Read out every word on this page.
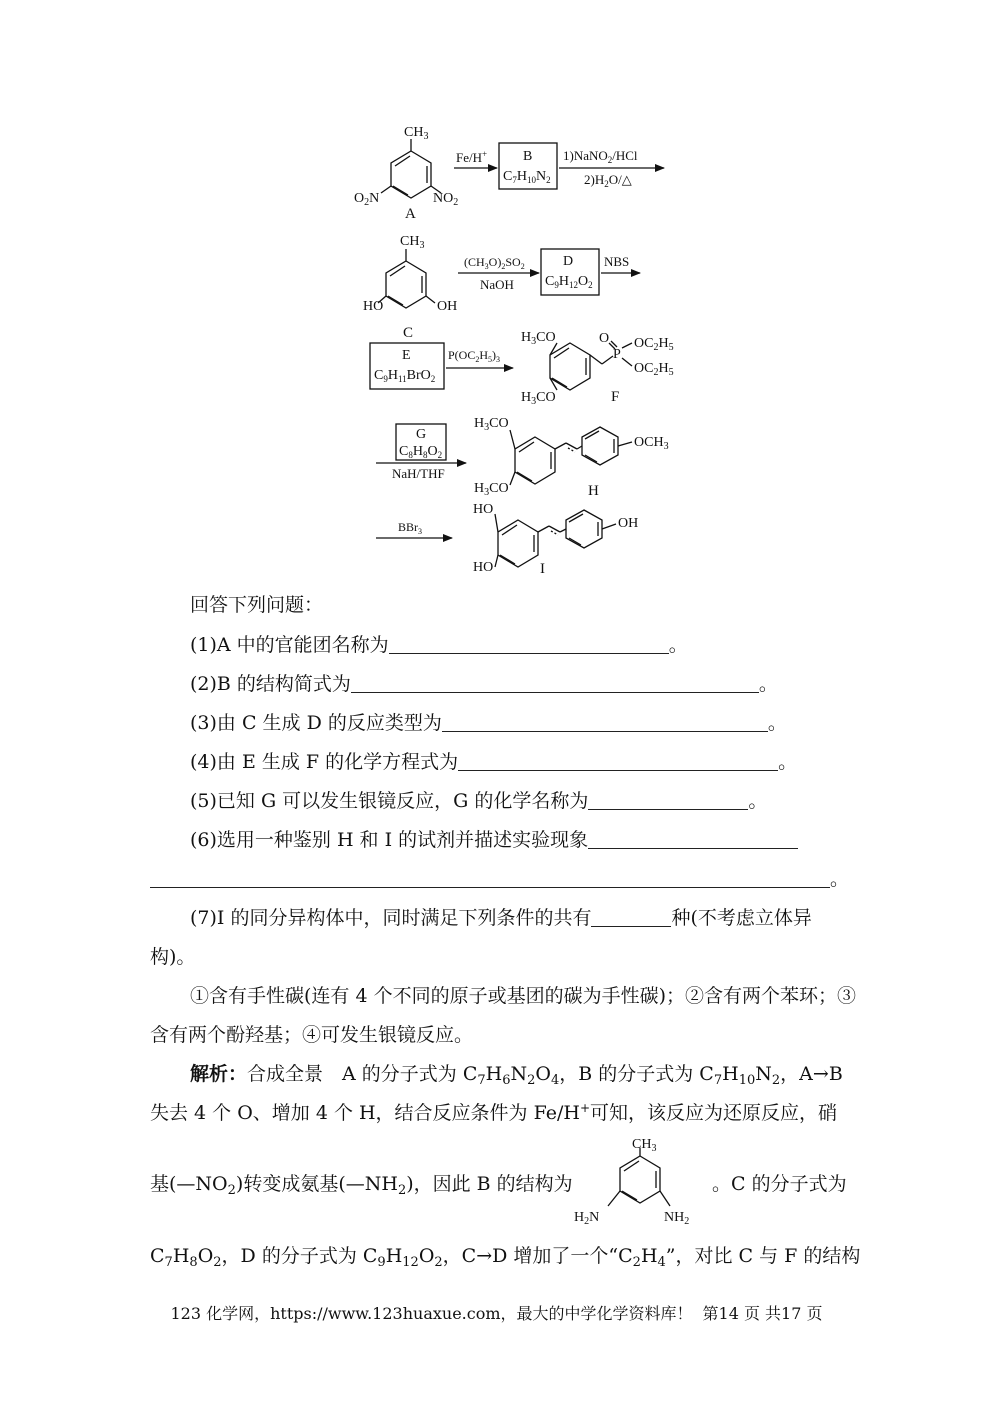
$CH_3$
$O_2N$	$NO_2$
A
Fe/H+	B
$C_7H_{10}N_2$
1)NaNO$_2$/HCl
$2)H_2O/\triangle$
$CH_3$
HO	OH
C
$(CH_3O)_2SO_2$
NaOH
D
$C_9H_{12}O_2$
NBS
E
$C_9H_{11}BrO_2$
$P(OC_2H_5)_3$
$H_3CO$
$H_3CO$
O
P
$OC_2H_5$
$OC_2H_5$
F
G
$C_8H_8O_2$
NaH/THF
$H_3CO$
$H_3CO$
$OCH_3$
H
BBr$_3$
HO
HO
OH
I
回答下列问题：
(1)A 中的官能团名称为	。
(2)B 的结构简式为	。
(3)由 C 生成 D 的反应类型为	。
(4)由 E 生成 F 的化学方程式为	。
(5)已知 G 可以发生银镜反应，G 的化学名称为	。
(6)选用一种鉴别 H 和 I 的试剂并描述实验现象
。
(7)I 的同分异构体中，同时满足下列条件的共有	种(不考虑立体异
构)。
①含有手性碳(连有 4 个不同的原子或基团的碳为手性碳)；②含有两个苯环；③
含有两个酚羟基；④可发生银镜反应。
解析：合成全景　A 的分子式为 $C_7H_6N_2O_4$，B 的分子式为 $C_7H_{10}N_2$，A→B
失去 4 个 O、增加 4 个 H，结合反应条件为 Fe/H+可知，该反应为还原反应，硝
基$(—NO_2)$转变成氨基$(—NH_2)$，因此 B 的结构为	。C 的分子式为
$CH_3$
$H_2N$	$NH_2$
$C_7H_8O_2$，D 的分子式为 $C_9H_{12}O_2$，C→D 增加了一个“$C_2H_4$”，对比 C 与 F 的结构
123 化学网，https://www.123huaxue.com，最大的中学化学资料库！ 第14 页 共17 页
